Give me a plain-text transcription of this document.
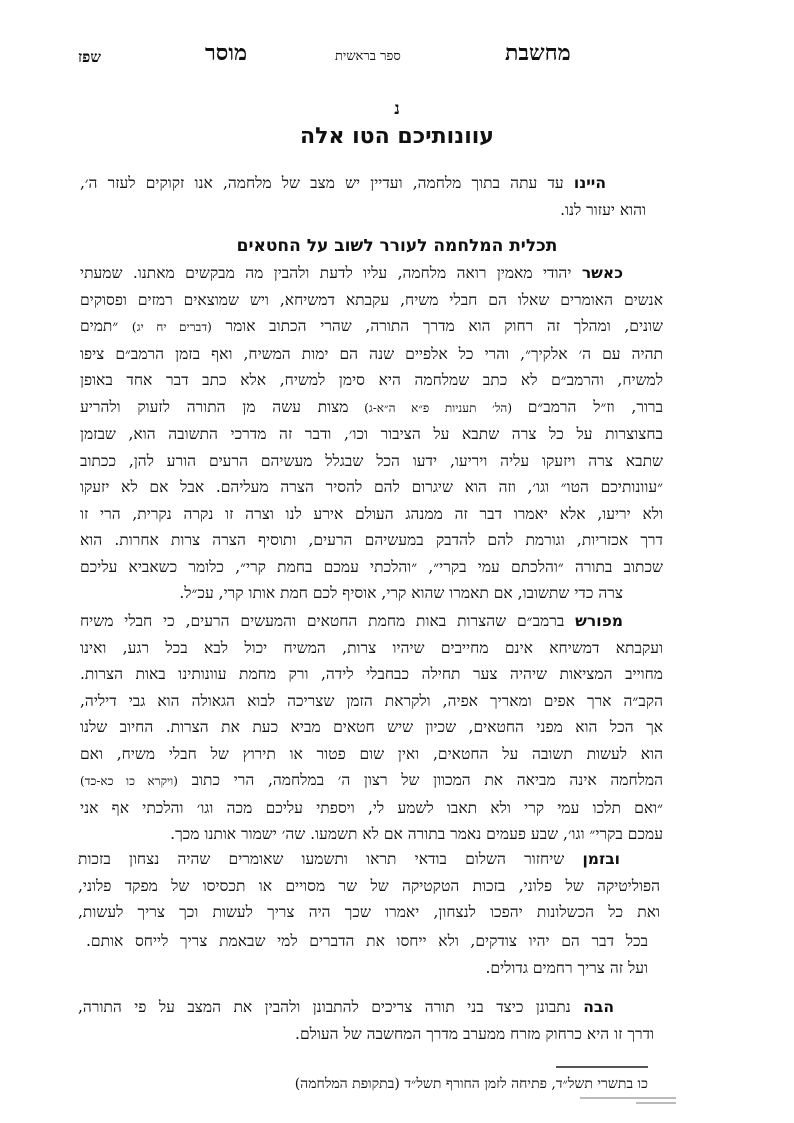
שפז	מוסר	ספר בראשית	מחשבת
נ
עוונותיכם הטו אלה
היינו עד עתה בתוך מלחמה, ועדיין יש מצב של מלחמה, אנו זקוקים לעזר ה׳,
והוא יעזור לנו.
תכלית המלחמה לעורר לשוב על החטאים
כאשר יהודי מאמין רואה מלחמה, עליו לדעת ולהבין מה מבקשים מאתנו. שמעתי
אנשים האומרים שאלו הם חבלי משיח, עקבתא דמשיחא, ויש שמוצאים רמזים ופסוקים
שונים, ומהלך זה רחוק הוא מדרך התורה, שהרי הכתוב אומר (דברים יח יג) ״תמים
תהיה עם ה׳ אלקיך״, והרי כל אלפיים שנה הם ימות המשיח, ואף בזמן הרמב״ם ציפו
למשיח, והרמב״ם לא כתב שמלחמה היא סימן למשיח, אלא כתב דבר אחד באופן
ברור, וז״ל הרמב״ם (הל׳ תעניות פ״א ה״א-ג) מצות עשה מן התורה לזעוק ולהריע
בחצוצרות על כל צרה שתבא על הציבור וכו׳, ודבר זה מדרכי התשובה הוא, שבזמן
שתבא צרה ויזעקו עליה ויריעו, ידעו הכל שבגלל מעשיהם הרעים הורע להן, ככתוב
״עוונותיכם הטו״ וגו׳, וזה הוא שיגרום להם להסיר הצרה מעליהם. אבל אם לא יזעקו
ולא יריעו, אלא יאמרו דבר זה ממנהג העולם אירע לנו וצרה זו נקרה נקרית, הרי זו
דרך אכזריות, וגורמת להם להדבק במעשיהם הרעים, ותוסיף הצרה צרות אחרות. הוא
שכתוב בתורה ״והלכתם עמי בקרי״, ״והלכתי עמכם בחמת קרי״, כלומר כשאביא עליכם
צרה כדי שתשובו, אם תאמרו שהוא קרי, אוסיף לכם חמת אותו קרי, עכ״ל.
מפורש ברמב״ם שהצרות באות מחמת החטאים והמעשים הרעים, כי חבלי משיח
ועקבתא דמשיחא אינם מחייבים שיהיו צרות, המשיח יכול לבא בכל רגע, ואינו
מחוייב המציאות שיהיה צער תחילה כבחבלי לידה, ורק מחמת עוונותינו באות הצרות.
הקב״ה ארך אפים ומאריך אפיה, ולקראת הזמן שצריכה לבוא הגאולה הוא גבי דיליה,
אך הכל הוא מפני החטאים, שכיון שיש חטאים מביא כעת את הצרות. החיוב שלנו
הוא לעשות תשובה על החטאים, ואין שום פטור או תירוץ של חבלי משיח, ואם
המלחמה אינה מביאה את המכוון של רצון ה׳ במלחמה, הרי כתוב (ויקרא כו כא-כד)
״ואם תלכו עמי קרי ולא תאבו לשמע לי, ויספתי עליכם מכה וגו׳ והלכתי אף אני
עמכם בקרי״ וגו׳, שבע פעמים נאמר בתורה אם לא תשמעו. שה׳ ישמור אותנו מכך.
ובזמן שיחזור השלום בודאי תראו ותשמעו שאומרים שהיה נצחון בזכות
הפוליטיקה של פלוני, בזכות הטקטיקה של שר מסויים או תכסיסו של מפקד פלוני,
ואת כל הכשלונות יהפכו לנצחון, יאמרו שכך היה צריך לעשות וכך צריך לעשות,
בכל דבר הם יהיו צודקים, ולא ייחסו את הדברים למי שבאמת צריך לייחס אותם.
ועל זה צריך רחמים גדולים.
הבה נתבונן כיצד בני תורה צריכים להתבונן ולהבין את המצב על פי התורה,
ודרך זו היא כרחוק מזרח ממערב מדרך המחשבה של העולם.
כו בתשרי תשל״ד, פתיחה לזמן החורף תשל״ד (בתקופת המלחמה)
